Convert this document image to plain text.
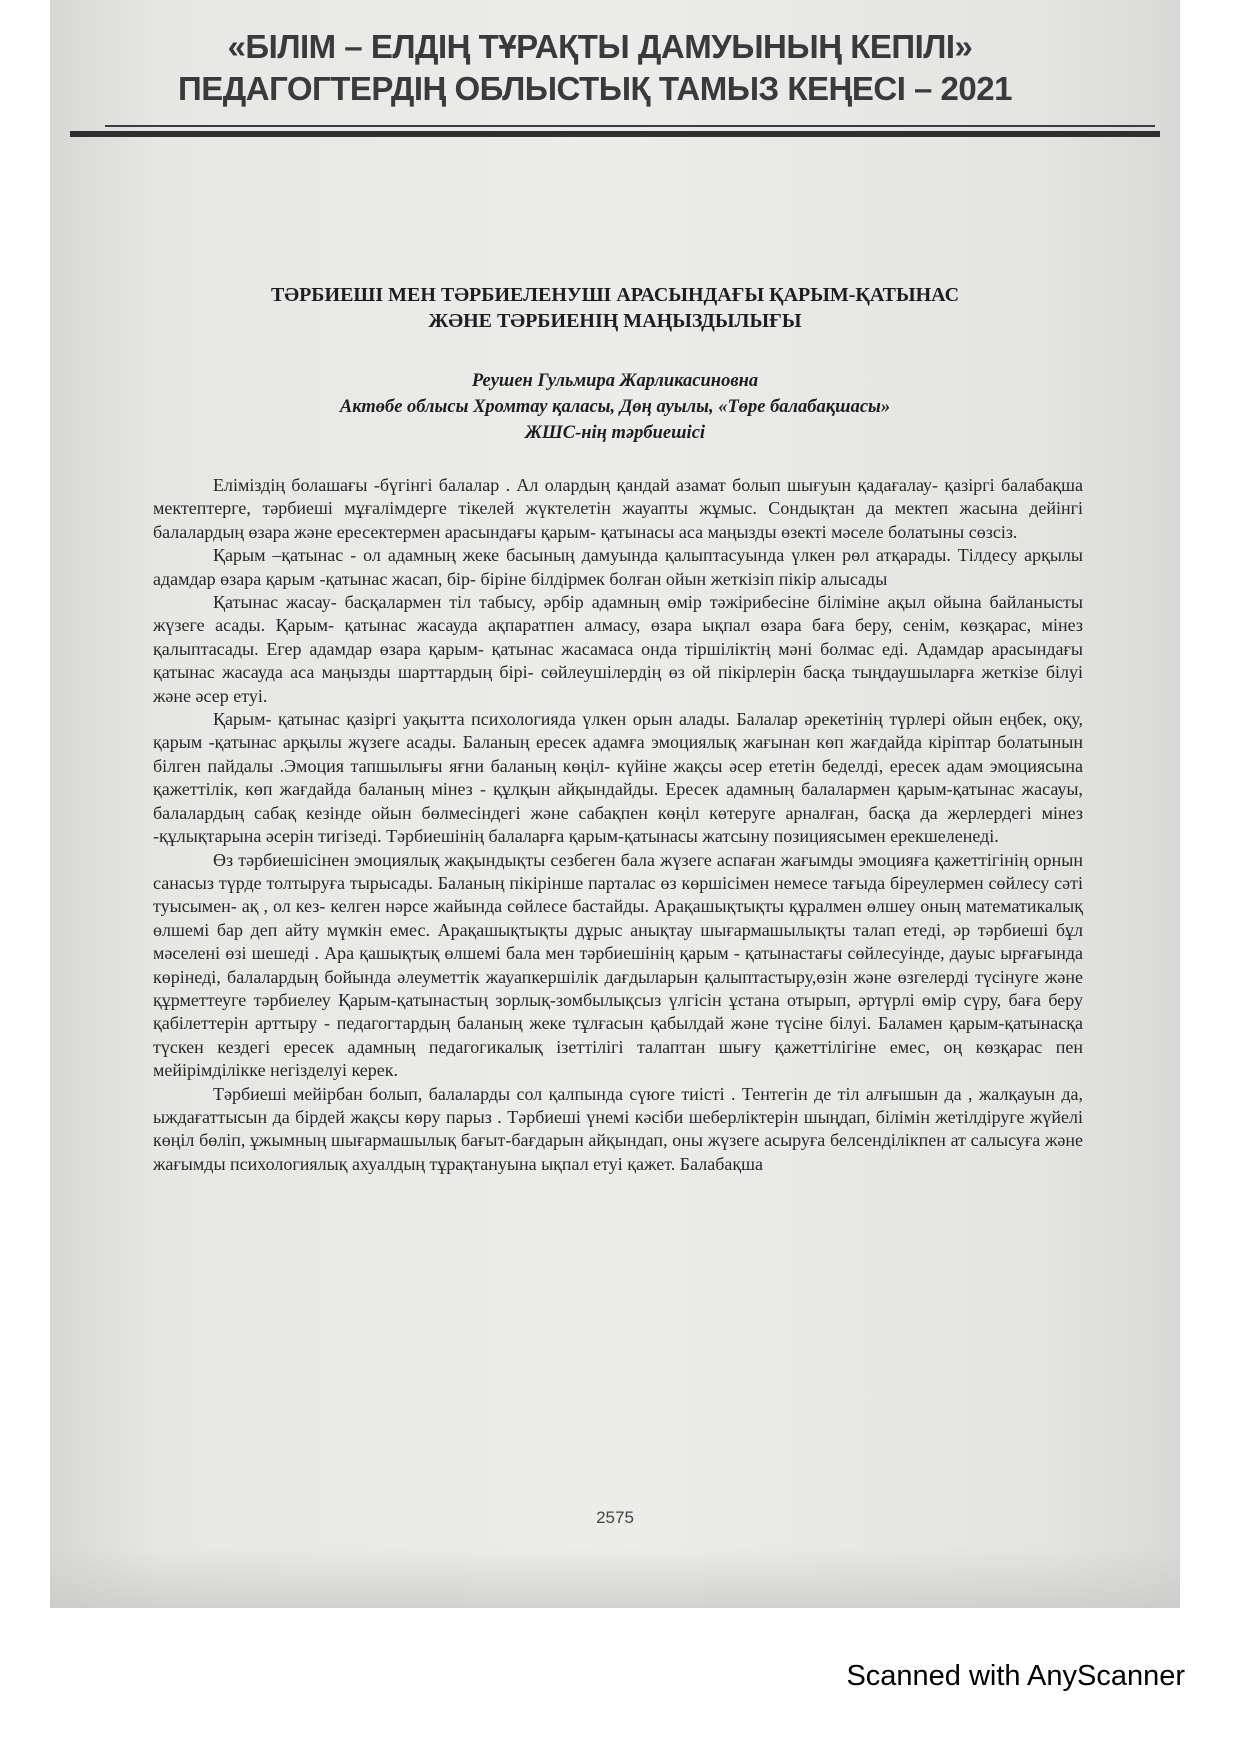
«БІЛІМ – ЕЛДІҢ ТҰРАҚТЫ ДАМУЫНЫҢ КЕПІЛІ»
ПЕДАГОГТЕРДІҢ ОБЛЫСТЫҚ ТАМЫЗ КЕҢЕСІ – 2021
ТӘРБИЕШІ МЕН ТӘРБИЕЛЕНУШІ АРАСЫНДАҒЫ ҚАРЫМ-ҚАТЫНАС
ЖӘНЕ ТӘРБИЕНІҢ МАҢЫЗДЫЛЫҒЫ
Реушен Гульмира Жарликасиновна
Актөбе облысы Хромтау қаласы, Дөң ауылы, «Төре балабақшасы»
ЖШС-нің тәрбиешісі

Еліміздің болашағы -бүгінгі балалар . Ал олардың қандай азамат болып шығуын қадағалау- қазіргі балабақша мектептерге, тәрбиеші мұғалімдерге тікелей жүктелетін жауапты жұмыс. Сондықтан да мектеп жасына дейінгі балалардың өзара және ересектермен арасындағы қарым- қатынасы аса маңызды өзекті мәселе болатыны сөзсіз.

Қарым –қатынас - ол адамның жеке басының дамуында қалыптасуында үлкен рөл атқарады. Тілдесу арқылы адамдар өзара қарым -қатынас жасап, бір- біріне білдірмек болған ойын жеткізіп пікір алысады

Қатынас жасау- басқалармен тіл табысу, әрбір адамның өмір тәжірибесіне біліміне ақыл ойына байланысты жүзеге асады. Қарым- қатынас жасауда ақпаратпен алмасу, өзара ықпал өзара баға беру, сенім, көзқарас, мінез қалыптасады. Егер адамдар өзара қарым- қатынас жасамаса онда тіршіліктің мәні болмас еді. Адамдар арасындағы қатынас жасауда аса маңызды шарттардың бірі- сөйлеушілердің өз ой пікірлерін басқа тыңдаушыларға жеткізе білуі және әсер етуі.

Қарым- қатынас қазіргі уақытта психологияда үлкен орын алады. Балалар әрекетінің түрлері ойын еңбек, оқу, қарым -қатынас арқылы жүзеге асады. Баланың ересек адамға эмоциялық жағынан көп жағдайда кіріптар болатынын білген пайдалы .Эмоция тапшылығы яғни баланың көңіл- күйіне жақсы әсер ететін беделді, ересек адам эмоциясына қажеттілік, көп жағдайда баланың мінез - құлқын айқындайды. Ересек адамның балалармен қарым-қатынас жасауы, балалардың сабақ кезінде ойын бөлмесіндегі және сабақпен көңіл көтеруге арналған, басқа да жерлердегі мінез -құлықтарына әсерін тигізеді. Тәрбиешінің балаларға қарым-қатынасы жатсыну позициясымен ерекшеленеді.

Өз тәрбиешісінен эмоциялық жақындықты сезбеген бала жүзеге аспаған жағымды эмоцияға қажеттігінің орнын санасыз түрде толтыруға тырысады. Баланың пікірінше парталас өз көршісімен немесе тағыда біреулермен сөйлесу сәті туысымен- ақ , ол кез- келген нәрсе жайында сөйлесе бастайды. Арақашықтықты құралмен өлшеу оның математикалық өлшемі бар деп айту мүмкін емес. Арақашықтықты дұрыс анықтау шығармашылықты талап етеді, әр тәрбиеші бұл мәселені өзі шешеді . Ара қашықтық өлшемі бала мен тәрбиешінің қарым - қатынастағы сөйлесуінде, дауыс ырғағында көрінеді, балалардың бойында әлеуметтік жауапкершілік дағдыларын қалыптастыру,өзін және өзгелерді түсінуге және құрметтеуге тәрбиелеу Қарым-қатынастың зорлық-зомбылықсыз үлгісін ұстана отырып, әртүрлі өмір сүру, баға беру қабілеттерін арттыру - педагогтардың баланың жеке тұлғасын қабылдай және түсіне білуі. Баламен қарым-қатынасқа түскен кездегі ересек адамның педагогикалық ізеттілігі талаптан шығу қажеттілігіне емес, оң көзқарас пен мейірімділікке негізделуі керек.

Тәрбиеші мейірбан болып, балаларды сол қалпында сүюге тиісті . Тентегін де тіл алғышын да , жалқауын да, ыждағаттысын да бірдей жақсы көру парыз . Тәрбиеші үнемі кәсіби шеберліктерін шыңдап, білімін жетілдіруге жүйелі көңіл бөліп, ұжымның шығармашылық бағыт-бағдарын айқындап, оны жүзеге асыруға белсенділікпен ат салысуға және жағымды психологиялық ахуалдың тұрақтануына ықпал етуі қажет. Балабақша

2575
Scanned with AnyScanner
